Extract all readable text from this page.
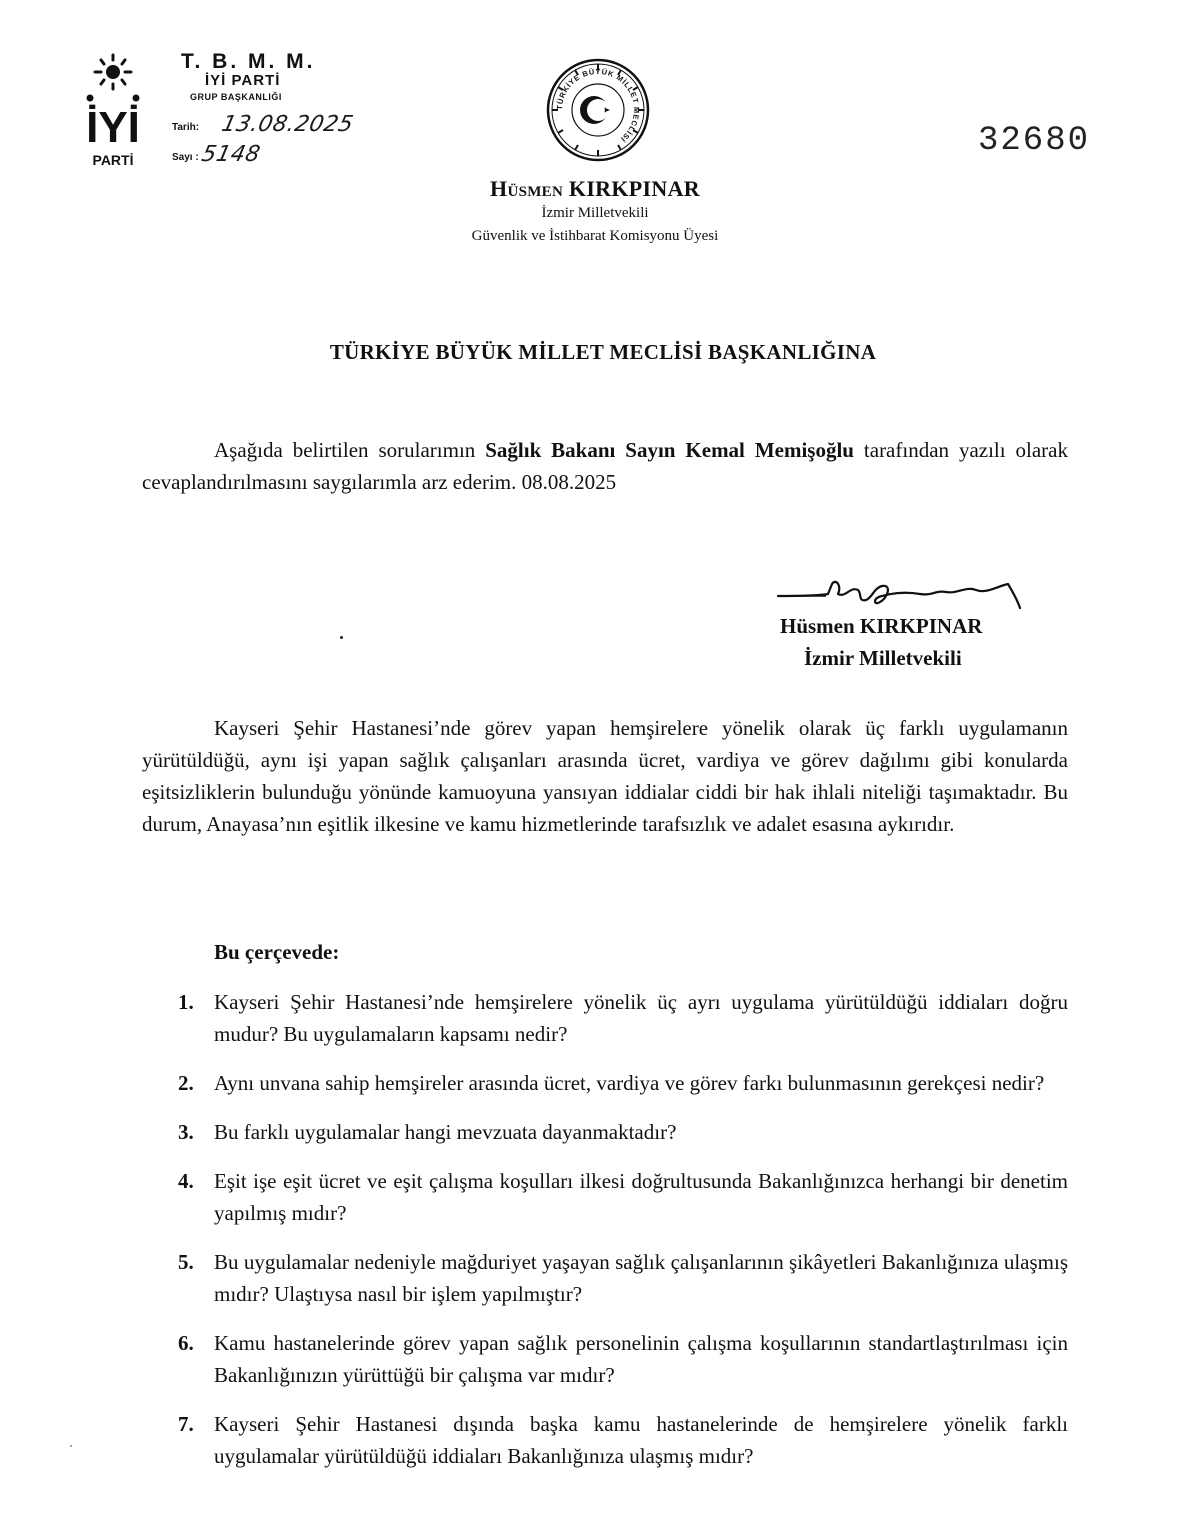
İYİ
PARTİ
T. B. M. M.
İYİ PARTİ
GRUP BAŞKANLIĞI
Tarih: 13.08.2025
Sayı : 5148
TÜRKİYE BÜYÜK MİLLET MECLİSİ	32680
Hüsmen KIRKPINAR
İzmir Milletvekili
Güvenlik ve İstihbarat Komisyonu Üyesi
TÜRKİYE BÜYÜK MİLLET MECLİSİ BAŞKANLIĞINA
Aşağıda belirtilen sorularımın Sağlık Bakanı Sayın Kemal Memişoğlu tarafından yazılı olarak cevaplandırılmasını saygılarımla arz ederim. 08.08.2025
Hüsmen KIRKPINAR
İzmir Milletvekili
Kayseri Şehir Hastanesi’nde görev yapan hemşirelere yönelik olarak üç farklı uygulamanın yürütüldüğü, aynı işi yapan sağlık çalışanları arasında ücret, vardiya ve görev dağılımı gibi konularda eşitsizliklerin bulunduğu yönünde kamuoyuna yansıyan iddialar ciddi bir hak ihlali niteliği taşımaktadır. Bu durum, Anayasa’nın eşitlik ilkesine ve kamu hizmetlerinde tarafsızlık ve adalet esasına aykırıdır.
Bu çerçevede:
1. Kayseri Şehir Hastanesi’nde hemşirelere yönelik üç ayrı uygulama yürütüldüğü iddiaları doğru mudur? Bu uygulamaların kapsamı nedir?
2. Aynı unvana sahip hemşireler arasında ücret, vardiya ve görev farkı bulunmasının gerekçesi nedir?
3. Bu farklı uygulamalar hangi mevzuata dayanmaktadır?
4. Eşit işe eşit ücret ve eşit çalışma koşulları ilkesi doğrultusunda Bakanlığınızca herhangi bir denetim yapılmış mıdır?
5. Bu uygulamalar nedeniyle mağduriyet yaşayan sağlık çalışanlarının şikâyetleri Bakanlığınıza ulaşmış mıdır? Ulaştıysa nasıl bir işlem yapılmıştır?
6. Kamu hastanelerinde görev yapan sağlık personelinin çalışma koşullarının standartlaştırılması için Bakanlığınızın yürüttüğü bir çalışma var mıdır?
7. Kayseri Şehir Hastanesi dışında başka kamu hastanelerinde de hemşirelere yönelik farklı uygulamalar yürütüldüğü iddiaları Bakanlığınıza ulaşmış mıdır?
